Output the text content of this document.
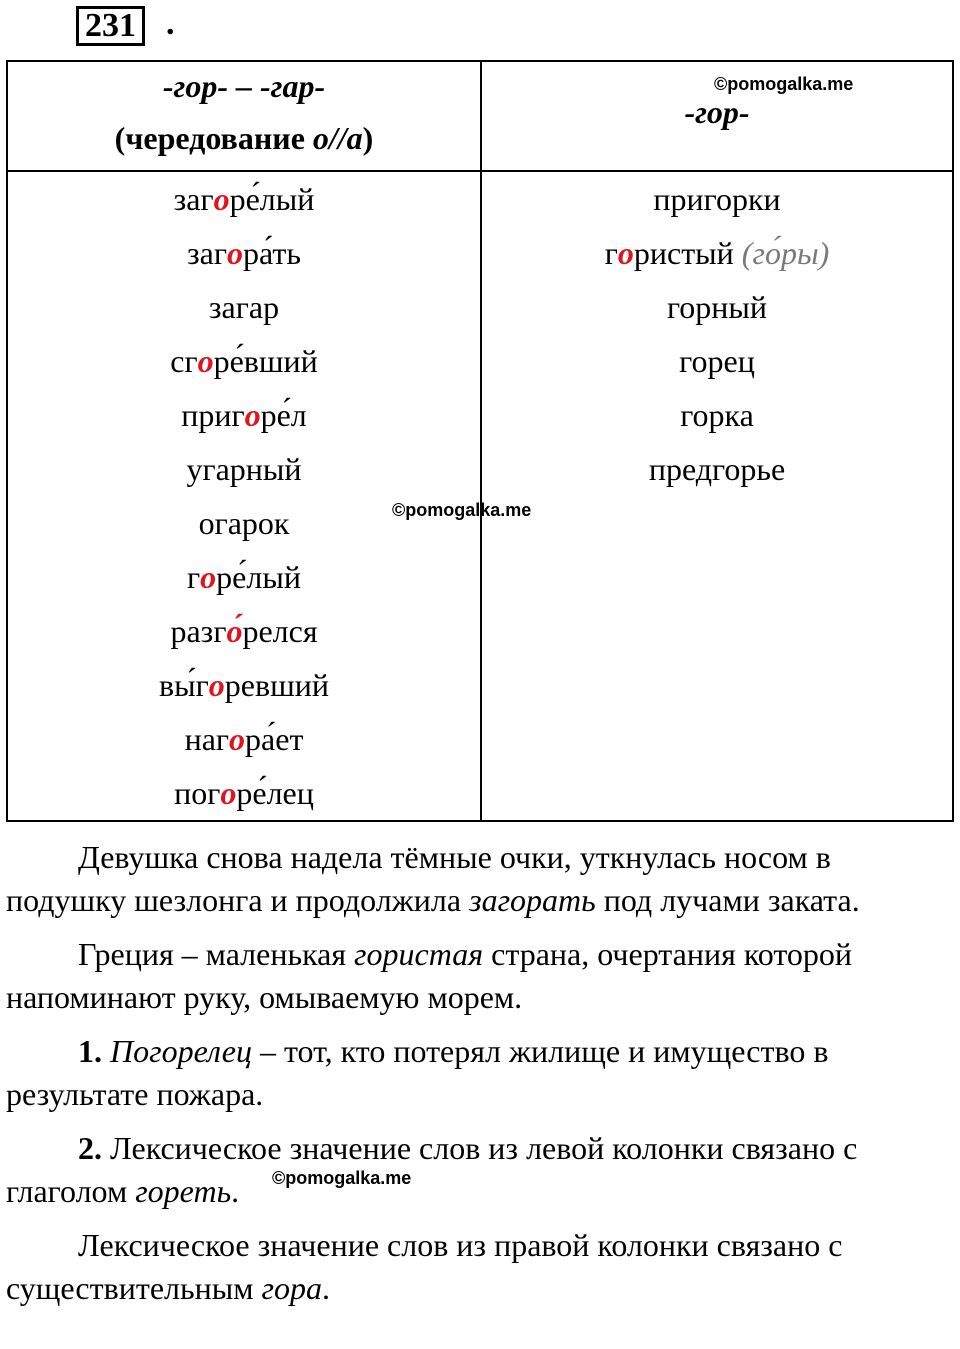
231 .
-гор- – -гар-
(чередование о//а)
©pomogalka.me
-гор-
загоре́лый
загора́ть
загар
сгоре́вший
пригоре́л
угарный
огарок
горе́лый
разго́релся
вы́горевший
нагора́ет
погоре́лец
пригорки
гористый (го́ры)
горный
горец
горка
предгорье
©pomogalka.me

Девушка снова надела тёмные очки, уткнулась носом в подушку шезлонга и продолжила загорать под лучами заката.

Греция – маленькая гористая страна, очертания которой напоминают руку, омываемую морем.

1. Погорелец – тот, кто потерял жилище и имущество в результате пожара.

2. Лексическое значение слов из левой колонки связано с глаголом гореть. ©pomogalka.me

Лексическое значение слов из правой колонки связано с существительным гора.
